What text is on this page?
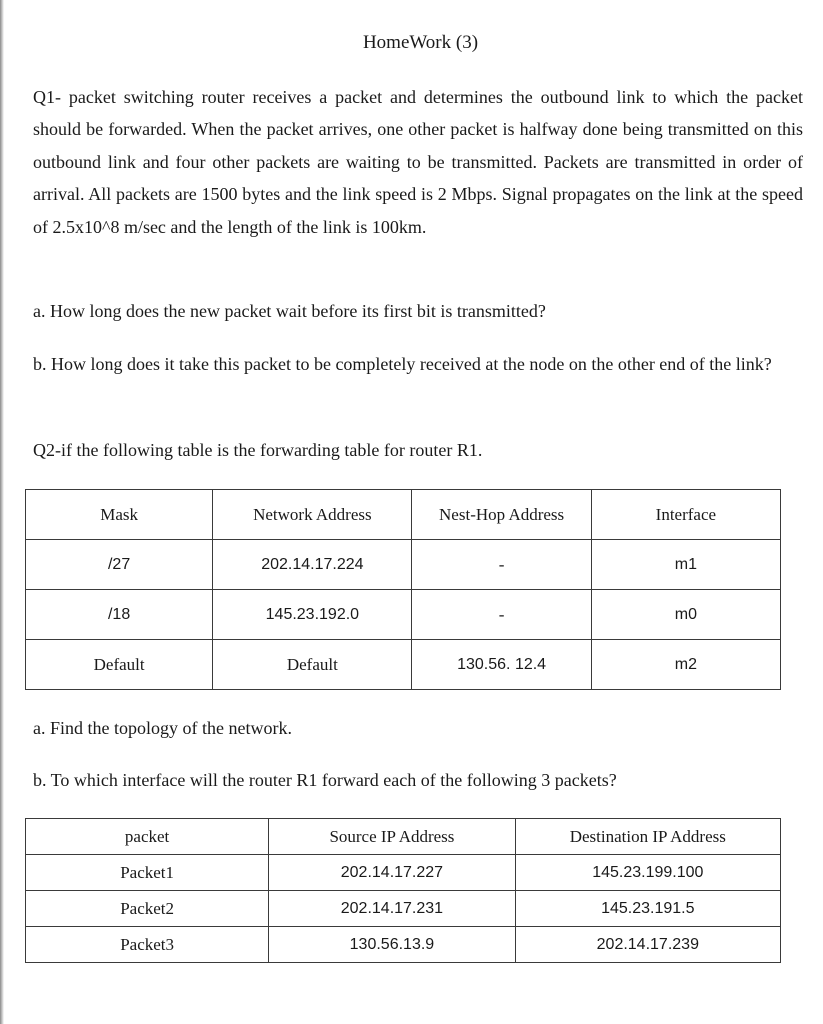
HomeWork (3)
Q1- packet switching router receives a packet and determines the outbound link to which the packet should be forwarded. When the packet arrives, one other packet is halfway done being transmitted on this outbound link and four other packets are waiting to be transmitted. Packets are transmitted in order of arrival. All packets are 1500 bytes and the link speed is 2 Mbps. Signal propagates on the link at the speed of 2.5x10^8 m/sec and the length of the link is 100km.
a. How long does the new packet wait before its first bit is transmitted?
b. How long does it take this packet to be completely received at the node on the other end of the link?
Q2-if the following table is the forwarding table for router R1.
Mask	Network Address	Nest-Hop Address	Interface
/27	202.14.17.224	-	m1
/18	145.23.192.0	-	m0
Default	Default	130.56. 12.4	m2
a. Find the topology of the network.
b. To which interface will the router R1 forward each of the following 3 packets?
packet	Source IP Address	Destination IP Address
Packet1	202.14.17.227	145.23.199.100
Packet2	202.14.17.231	145.23.191.5
Packet3	130.56.13.9	202.14.17.239
